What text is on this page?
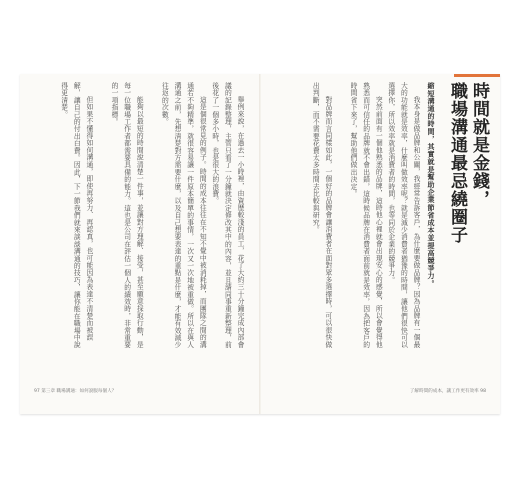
舉例來說，在過去一小時裡，由資歷較淺的員工，花了大約三十分鐘完成內部會議的記錄整理，主管只看了一分鐘就決定修改其中的內容，並且請同事重新整理，前後花了一個多小時，也是很大的浪費。

這是個很常見的例子。時間的成本往往在不知不覺中被消耗掉，而團隊之間的溝通若不夠精準，就很容易讓一件原本簡單的事情，一次又一次地被重做。所以在與人溝通之前，先想清楚對方需要什麼，以及自己想要表達的重點是什麼，才能有效減少往返的次數。

能夠以最短的時間說清楚一件事，並讓對方理解、接受，甚至願意採取行動，是每一位職場工作者都需要具備的能力。這也是公司在評估一個人的績效時，非常重要的一項指標。

但如果不懂得如何溝通，即使再努力、再認真，也可能因為表達不清楚而被誤解，讓自己的付出白費。因此，下一節我們就來談談溝通的技巧，讓你能在職場中說得更清楚。

97 第三章 職場溝通：如何說服每個人？

我本身是做品牌和公關，我經常告訴客戶，為什麼要做品牌？因為品牌有一個最大的功能就是效率，什麼叫做效率呢？就是減少消費者猶豫的時間，讓他們很快可以選擇你，所以效率就是消費者的時間，也等同於企業的競爭力。

突然前面有一個他熟悉的品牌，這時他心裡就會出現安心的感覺，所以會覺得他熟悉而可信任的品牌就不會出錯，這時候品牌在消費者面前就是效率，因為把客戶的時間省下來了，幫助他們做出決定。

對品牌而言同樣如此，一個好的品牌會讓消費者在面對眾多選擇時，可以很快做出判斷，而不需要花費太多時間去比較與研究。	縮短溝通的時間，其實就是幫助企業節省成本並提高競爭力。	時間就是金錢，
職場溝通最忌繞圈子
了解時間的成本，讓工作更有效率 98
